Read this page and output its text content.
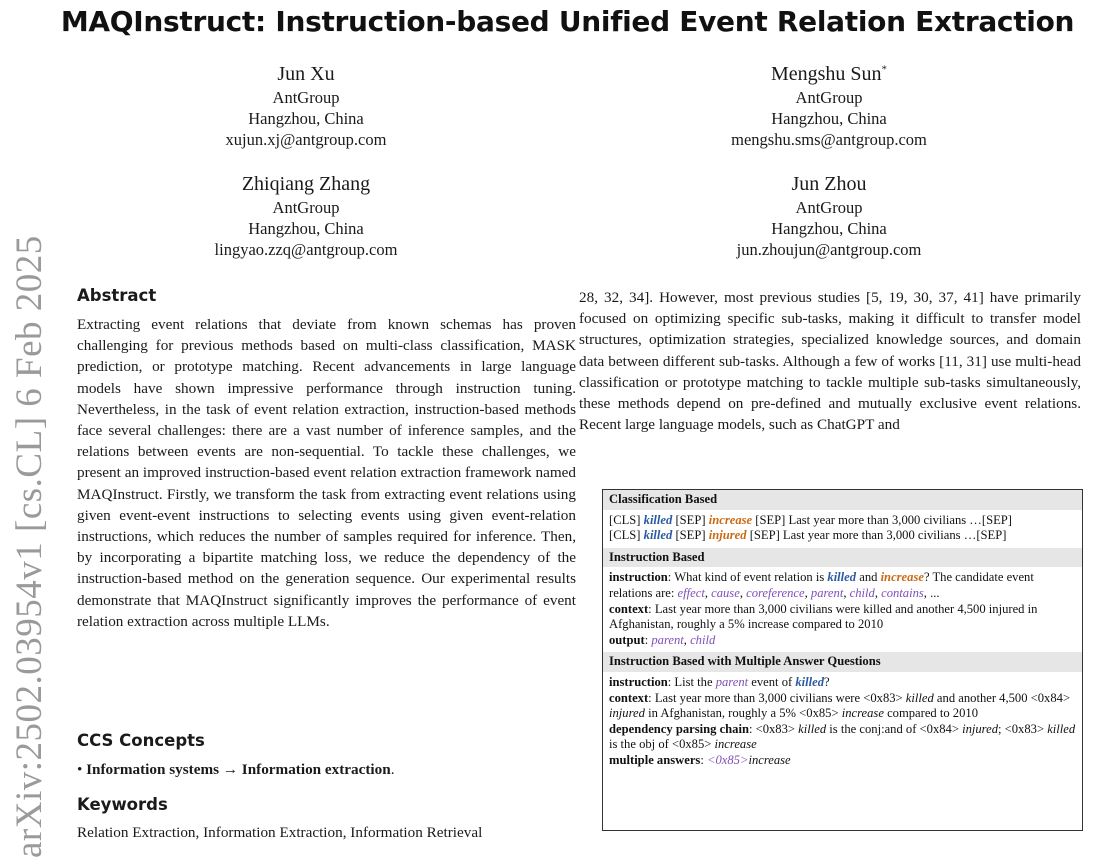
arXiv:2502.03954v1 [cs.CL] 6 Feb 2025
MAQInstruct: Instruction-based Unified Event Relation Extraction
Jun Xu
AntGroup
Hangzhou, China
xujun.xj@antgroup.com
Mengshu Sun*
AntGroup
Hangzhou, China
mengshu.sms@antgroup.com
Zhiqiang Zhang
AntGroup
Hangzhou, China
lingyao.zzq@antgroup.com
Jun Zhou
AntGroup
Hangzhou, China
jun.zhoujun@antgroup.com
Abstract

Extracting event relations that deviate from known schemas has proven challenging for previous methods based on multi-class classification, MASK prediction, or prototype matching. Recent advancements in large language models have shown impressive performance through instruction tuning. Nevertheless, in the task of event relation extraction, instruction-based methods face several challenges: there are a vast number of inference samples, and the relations between events are non-sequential. To tackle these challenges, we present an improved instruction-based event relation extraction framework named MAQInstruct. Firstly, we transform the task from extracting event relations using given event-event instructions to selecting events using given event-relation instructions, which reduces the number of samples required for inference. Then, by incorporating a bipartite matching loss, we reduce the dependency of the instruction-based method on the generation sequence. Our experimental results demonstrate that MAQInstruct significantly improves the performance of event relation extraction across multiple LLMs.

CCS Concepts
• Information systems → Information extraction.
Keywords
Relation Extraction, Information Extraction, Information Retrieval

28, 32, 34]. However, most previous studies [5, 19, 30, 37, 41] have primarily focused on optimizing specific sub-tasks, making it difficult to transfer model structures, optimization strategies, specialized knowledge sources, and domain data between different sub-tasks. Although a few of works [11, 31] use multi-head classification or prototype matching to tackle multiple sub-tasks simultaneously, these methods depend on pre-defined and mutually exclusive event relations. Recent large language models, such as ChatGPT and

Classification Based
[CLS] killed [SEP] increase [SEP] Last year more than 3,000 civilians …[SEP]
[CLS] killed [SEP] injured [SEP] Last year more than 3,000 civilians …[SEP]
Instruction Based
instruction: What kind of event relation is killed and increase? The candidate event relations are: effect, cause, coreference, parent, child, contains, ...
context: Last year more than 3,000 civilians were killed and another 4,500 injured in Afghanistan, roughly a 5% increase compared to 2010
output: parent, child
Instruction Based with Multiple Answer Questions
instruction: List the parent event of killed?
context: Last year more than 3,000 civilians were <0x83> killed and another 4,500 <0x84> injured in Afghanistan, roughly a 5% <0x85> increase compared to 2010
dependency parsing chain: <0x83> killed is the conj:and of <0x84> injured; <0x83> killed is the obj of <0x85> increase
multiple answers: <0x85>increase
